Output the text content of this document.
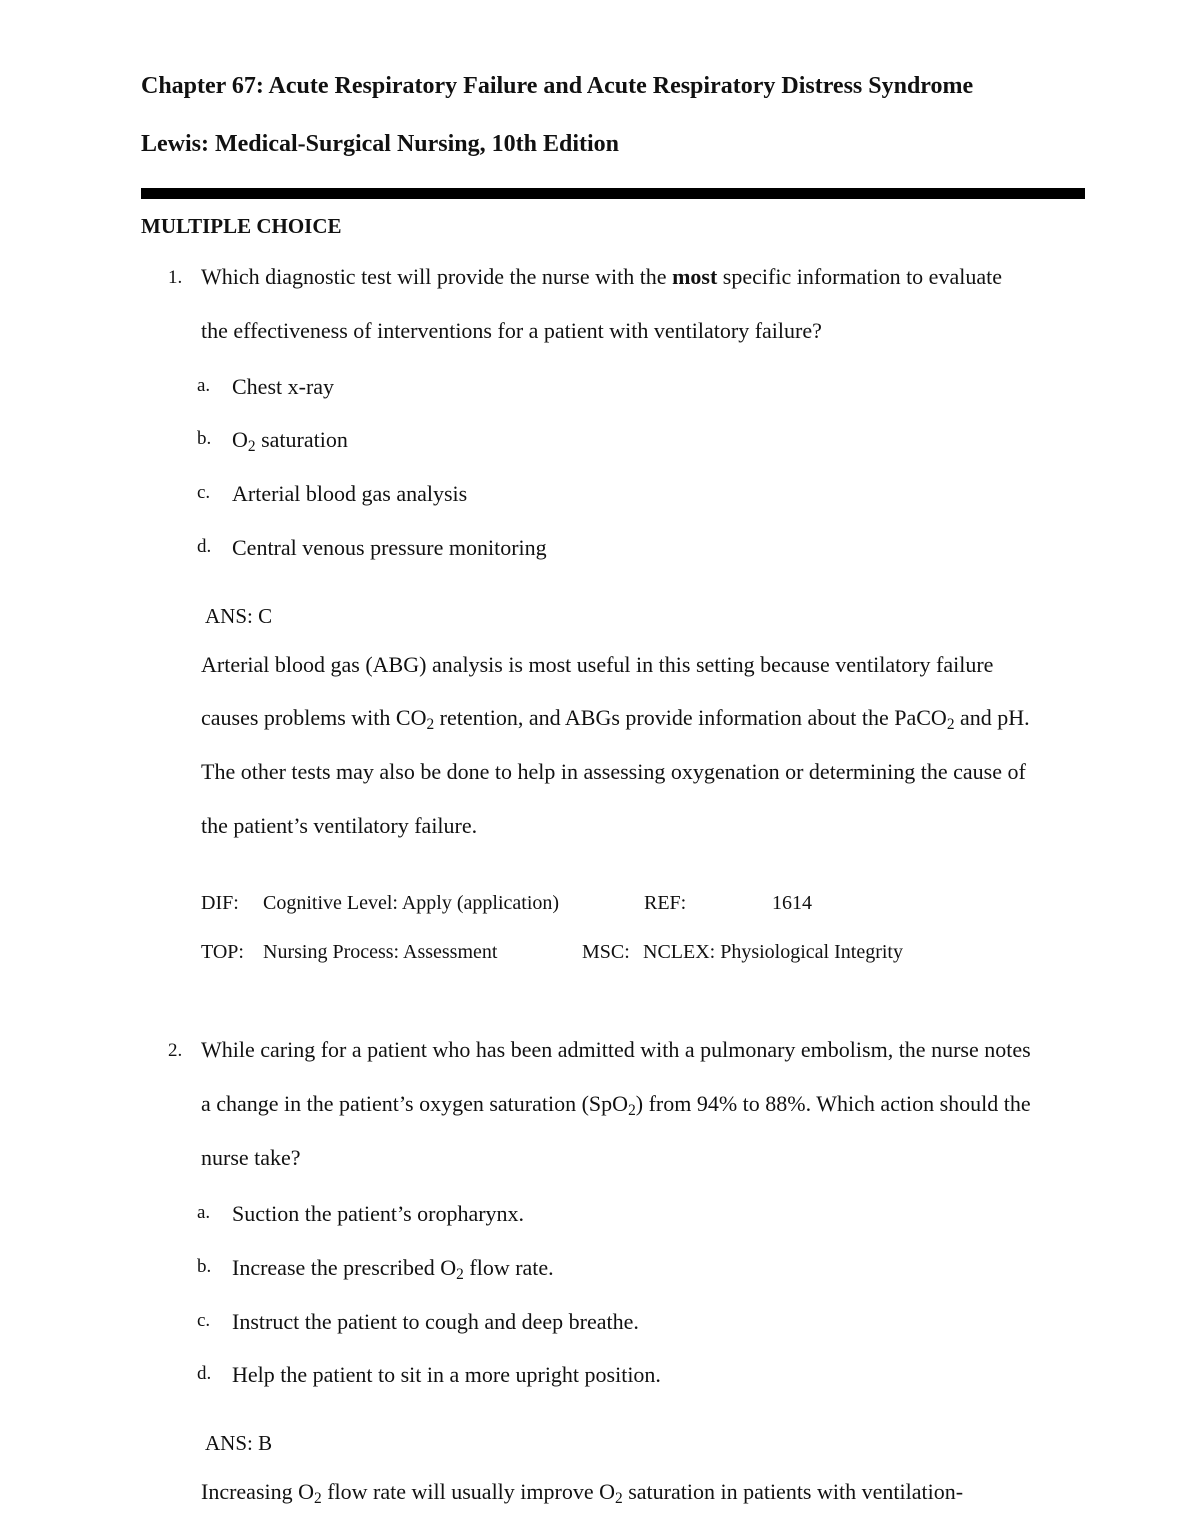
Chapter 67: Acute Respiratory Failure and Acute Respiratory Distress Syndrome
Lewis: Medical-Surgical Nursing, 10th Edition
MULTIPLE CHOICE
1. Which diagnostic test will provide the nurse with the most specific information to evaluate
the effectiveness of interventions for a patient with ventilatory failure?
a. Chest x-ray
b. $O_2$ saturation
c. Arterial blood gas analysis
d. Central venous pressure monitoring
ANS: C
Arterial blood gas (ABG) analysis is most useful in this setting because ventilatory failure
causes problems with $CO_2$ retention, and ABGs provide information about the PaCO$_2$ and pH.
The other tests may also be done to help in assessing oxygenation or determining the cause of
the patient’s ventilatory failure.
DIF: Cognitive Level: Apply (application)	REF:	1614
TOP: Nursing Process: Assessment	MSC: NCLEX: Physiological Integrity
2. While caring for a patient who has been admitted with a pulmonary embolism, the nurse notes
a change in the patient’s oxygen saturation (SpO$_2$) from 94% to 88%. Which action should the
nurse take?
a. Suction the patient’s oropharynx.
b. Increase the prescribed $O_2$ flow rate.
c. Instruct the patient to cough and deep breathe.
d. Help the patient to sit in a more upright position.
ANS: B
Increasing $O_2$ flow rate will usually improve $O_2$ saturation in patients with ventilation-
